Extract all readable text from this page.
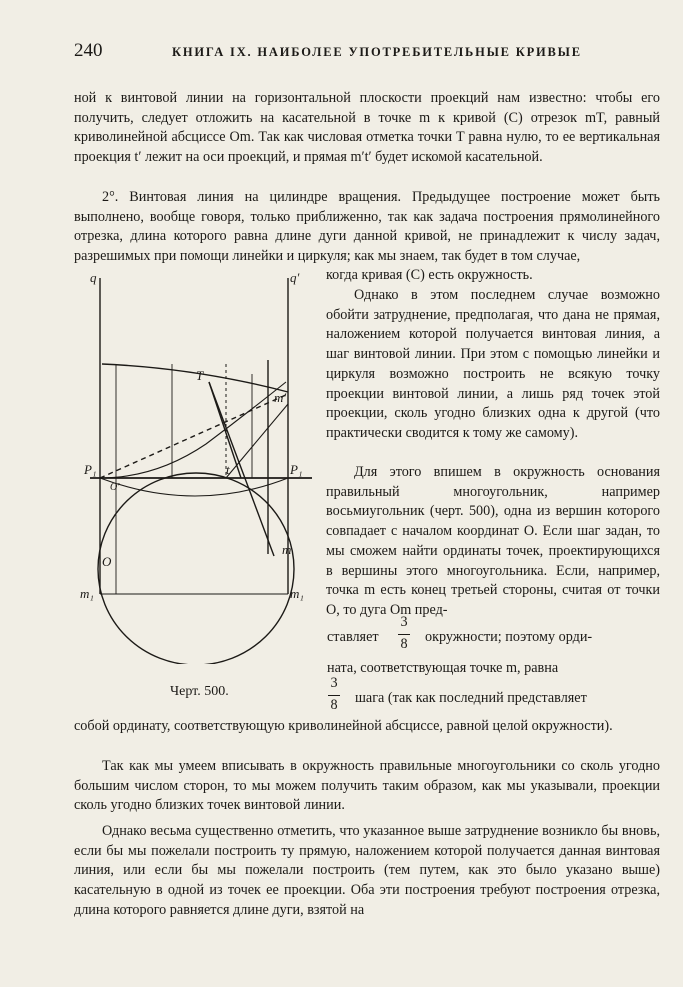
240	КНИГА IX. НАИБОЛЕЕ УПОТРЕБИТЕЛЬНЫЕ КРИВЫЕ

ной к винтовой линии на горизонтальной плоскости проекций нам известно: чтобы его получить, следует отложить на касательной в точке m к кривой (C) отрезок mT, равный криволинейной абсциссе Om. Так как числовая отметка точки T равна нулю, то ее вертикальная проекция t′ лежит на оси проекций, и прямая m′t′ будет искомой касательной.

2°. Винтовая линия на цилиндре вращения. Предыдущее построение может быть выполнено, вообще говоря, только приближенно, так как задача построения прямолинейного отрезка, длина которого равна длине дуги данной кривой, не принадлежит к числу задач, разрешимых при помощи линейки и циркуля; как мы знаем, так будет в том случае,

когда кривая (C) есть окружность.

Однако в этом последнем случае возможно обойти затруднение, предполагая, что дана не прямая, наложением которой получается винтовая линия, а шаг винтовой линии. При этом с помощью линейки и циркуля возможно построить не всякую точку проекции винтовой линии, а лишь ряд точек этой проекции, сколь угодно близких одна к другой (что практически сводится к тому же самому).

Для этого впишем в окружность основания правильный многоугольник, например восьмиугольник (черт. 500), одна из вершин которого совпадает с началом координат O. Если шаг задан, то мы сможем найти ординаты точек, проектирующихся в вершины этого многоугольника. Если, например, точка m есть конец третьей стороны, считая от точки O, то дуга Om пред-

ставляет
3
8 окружности; поэтому орди-
ната, соответствующая точке m, равна
3
8 шага (так как последний представляет

собой ординату, соответствующую криволинейной абсциссе, равной целой окружности).

Так как мы умеем вписывать в окружность правильные многоугольники со сколь угодно большим числом сторон, то мы можем получить таким образом, как мы указывали, проекции сколь угодно близких точек винтовой линии.

Однако весьма существенно отметить, что указанное выше затруднение возникло бы вновь, если бы мы пожелали построить ту прямую, наложением которой получается данная винтовая линия, или если бы мы пожелали построить (тем путем, как это было указано выше) касательную в одной из точек ее проекции. Оба эти построения требуют построения отрезка, длина которого равняется длине дуги, взятой на

q	q′
T
m′
P₁	P₁
t
O′
O
m
m₁	m₁
Черт. 500.
